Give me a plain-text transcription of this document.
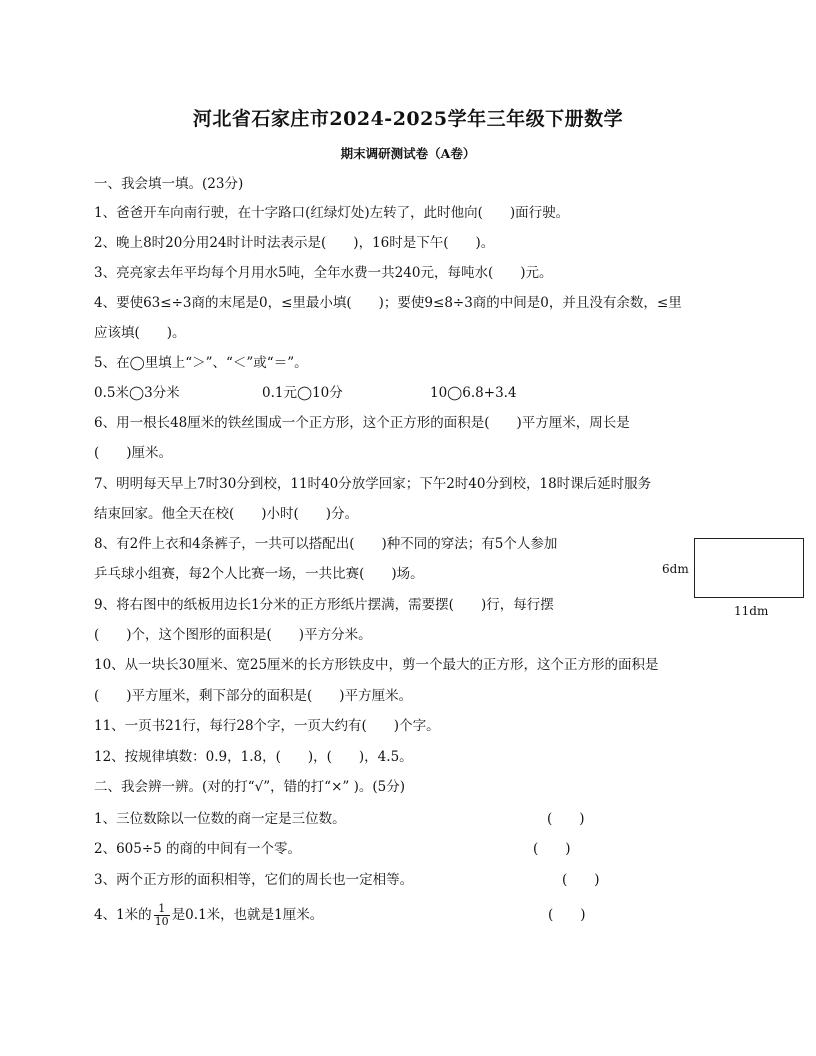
河北省石家庄市2024-2025学年三年级下册数学
期末调研测试卷（A卷）
一、我会填一填。(23分)
1、爸爸开车向南行驶，在十字路口(红绿灯处)左转了，此时他向(　　)面行驶。
2、晚上8时20分用24时计时法表示是(　　)，16时是下午(　　)。
3、亮亮家去年平均每个月用水5吨，全年水费一共240元，每吨水(　　)元。
4、要使63≤÷3商的末尾是0，≤里最小填(　　)；要使9≤8÷3商的中间是0，并且没有余数，≤里
应该填(　　)。
5、在◯里填上“＞”、“＜”或“＝”。
0.5米◯3分米	0.1元◯10分	10◯6.8+3.4
6、用一根长48厘米的铁丝围成一个正方形，这个正方形的面积是(　　)平方厘米，周长是
(　　)厘米。
7、明明每天早上7时30分到校，11时40分放学回家；下午2时40分到校，18时课后延时服务
结束回家。他全天在校(　　)小时(　　)分。
8、有2件上衣和4条裤子，一共可以搭配出(　　)种不同的穿法；有5个人参加
乒乓球小组赛，每2个人比赛一场，一共比赛(　　)场。
9、将右图中的纸板用边长1分米的正方形纸片摆满，需要摆(　　)行，每行摆
(　　)个，这个图形的面积是(　　)平方分米。
10、从一块长30厘米、宽25厘米的长方形铁皮中，剪一个最大的正方形，这个正方形的面积是
(　　)平方厘米，剩下部分的面积是(　　)平方厘米。
11、一页书21行，每行28个字，一页大约有(　　)个字。
12、按规律填数：0.9，1.8，(　　)，(　　)，4.5。
6dm
11dm
二、我会辨一辨。(对的打“√”，错的打“×” )。(5分)
1、三位数除以一位数的商一定是三位数。	(　　)
2、605÷5 的商的中间有一个零。	(　　)
3、两个正方形的面积相等，它们的周长也一定相等。	(　　)
4、1米的 $\frac{1}{10}$ 是0.1米，也就是1厘米。	(　　)
